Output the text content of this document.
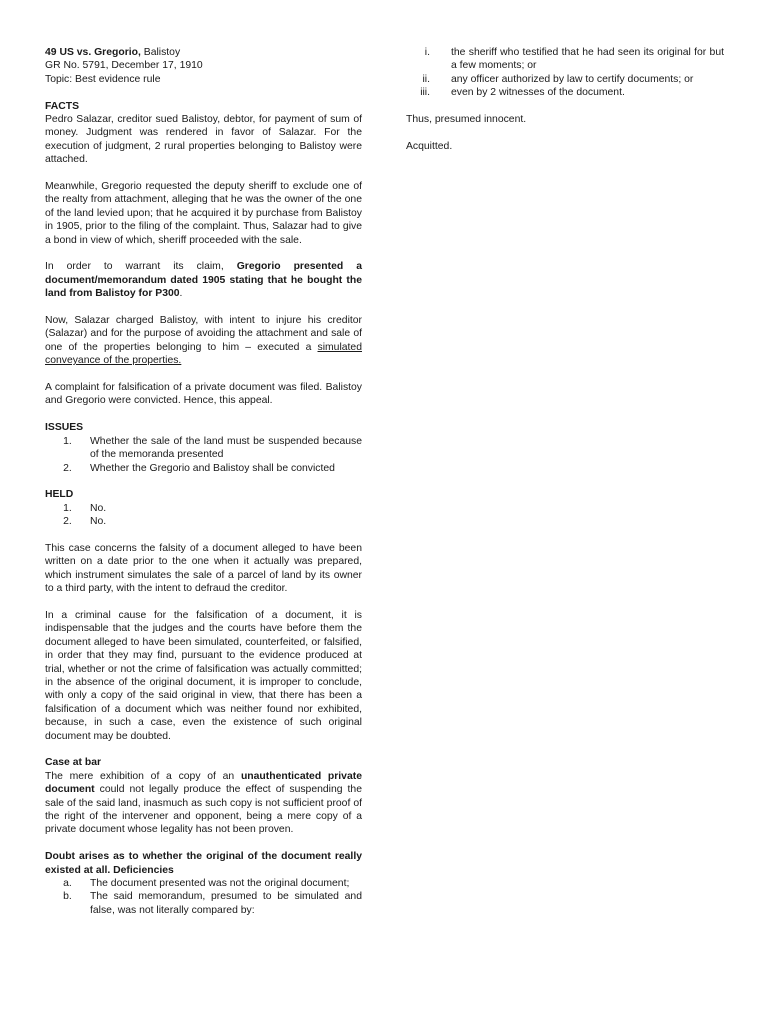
49 US vs. Gregorio, Balistoy

GR No. 5791, December 17, 1910

Topic: Best evidence rule

FACTS

Pedro Salazar, creditor sued Balistoy, debtor, for payment of sum of money. Judgment was rendered in favor of Salazar. For the execution of judgment, 2 rural properties belonging to Balistoy were attached.

Meanwhile, Gregorio requested the deputy sheriff to exclude one of the realty from attachment, alleging that he was the owner of the one of the land levied upon; that he acquired it by purchase from Balistoy in 1905, prior to the filing of the complaint. Thus, Salazar had to give a bond in view of which, sheriff proceeded with the sale.

In order to warrant its claim, Gregorio presented a document/memorandum dated 1905 stating that he bought the land from Balistoy for P300.

Now, Salazar charged Balistoy, with intent to injure his creditor (Salazar) and for the purpose of avoiding the attachment and sale of one of the properties belonging to him – executed a simulated conveyance of the properties.

A complaint for falsification of a private document was filed. Balistoy and Gregorio were convicted. Hence, this appeal.

ISSUES

1.	Whether the sale of the land must be suspended because of the memoranda presented
2.	Whether the Gregorio and Balistoy shall be convicted

HELD

1.	No.
2.	No.

This case concerns the falsity of a document alleged to have been written on a date prior to the one when it actually was prepared, which instrument simulates the sale of a parcel of land by its owner to a third party, with the intent to defraud the creditor.

In a criminal cause for the falsification of a document, it is indispensable that the judges and the courts have before them the document alleged to have been simulated, counterfeited, or falsified, in order that they may find, pursuant to the evidence produced at trial, whether or not the crime of falsification was actually committed; in the absence of the original document, it is improper to conclude, with only a copy of the said original in view, that there has been a falsification of a document which was neither found nor exhibited, because, in such a case, even the existence of such original document may be doubted.

Case at bar

The mere exhibition of a copy of an unauthenticated private document could not legally produce the effect of suspending the sale of the said land, inasmuch as such copy is not sufficient proof of the right of the intervener and opponent, being a mere copy of a private document whose legality has not been proven.

Doubt arises as to whether the original of the document really existed at all. Deficiencies

a.	The document presented was not the original document;
b.	The said memorandum, presumed to be simulated and false, was not literally compared by:
i.	the sheriff who testified that he had seen its original for but a few moments; or
ii.	any officer authorized by law to certify documents; or
iii.	even by 2 witnesses of the document.

Thus, presumed innocent.

Acquitted.
